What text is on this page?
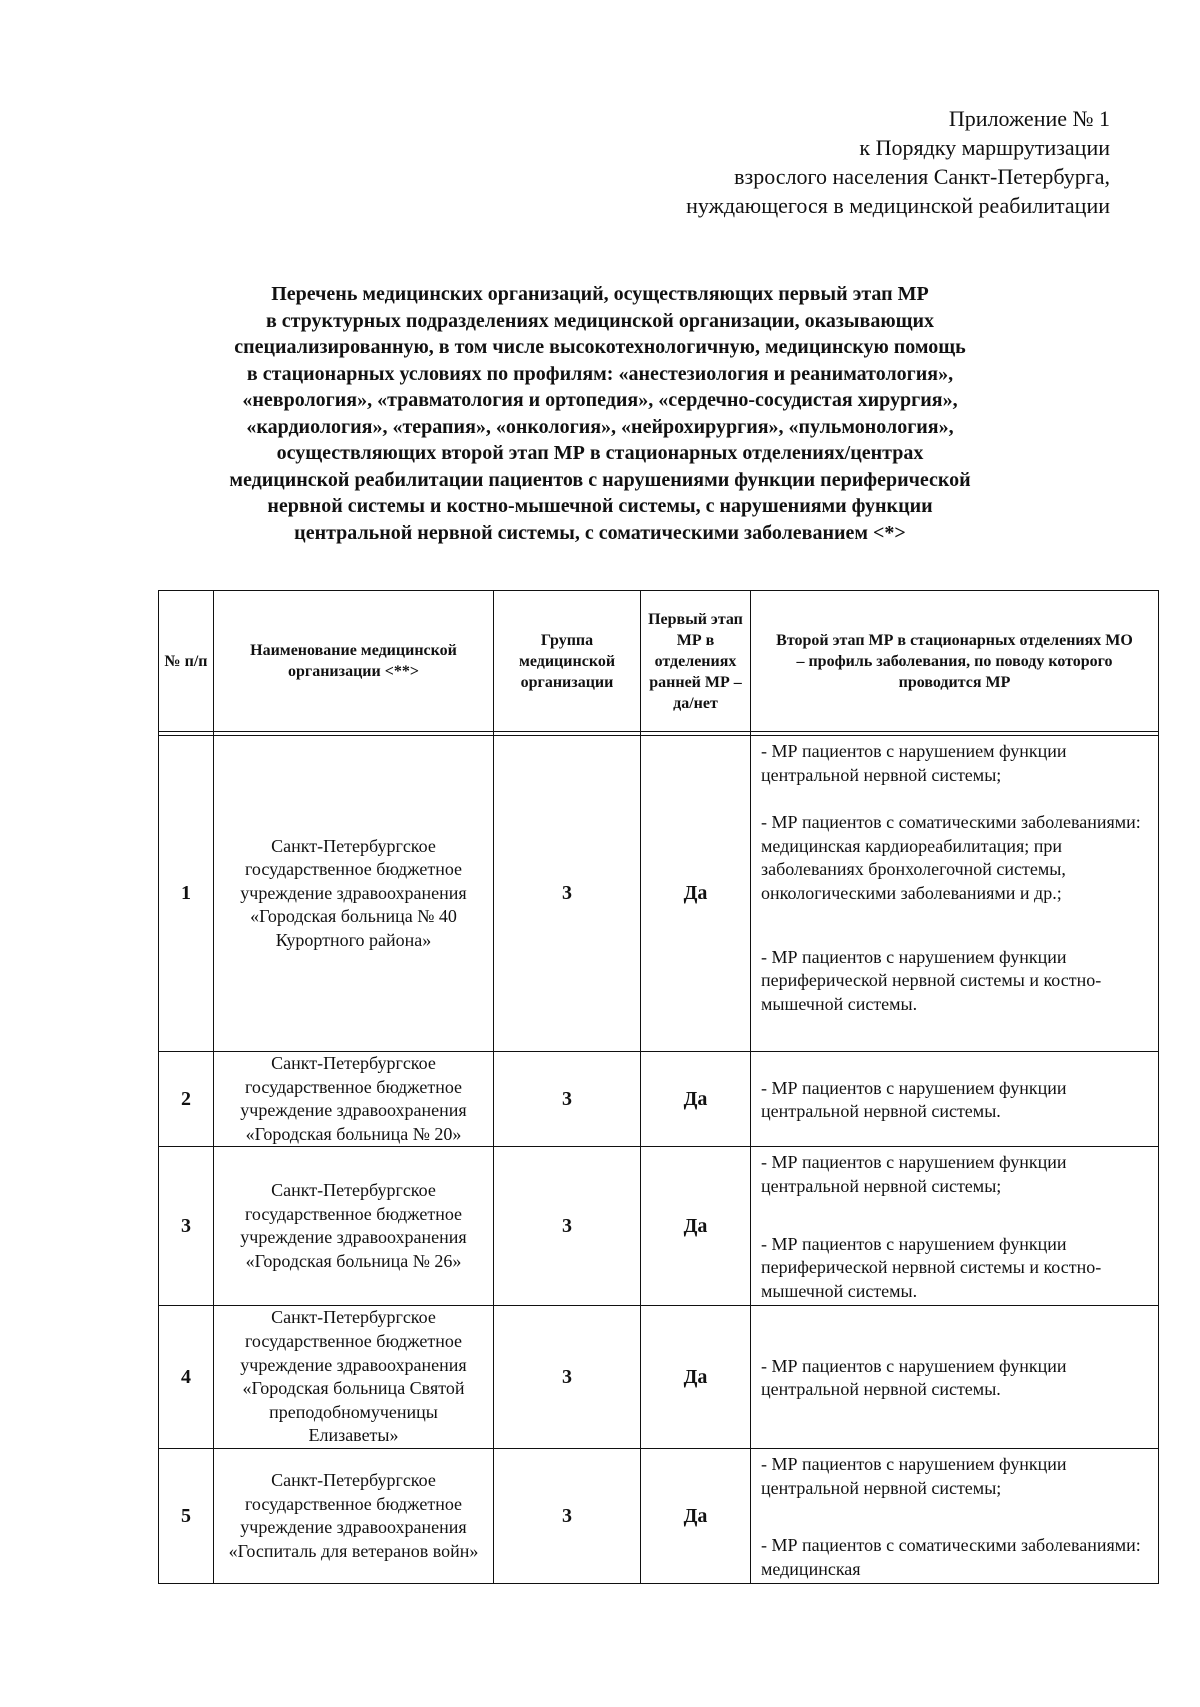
Приложение № 1
к Порядку маршрутизации
взрослого населения Санкт-Петербурга,
нуждающегося в медицинской реабилитации
Перечень медицинских организаций, осуществляющих первый этап МР
в структурных подразделениях медицинской организации, оказывающих
специализированную, в том числе высокотехнологичную, медицинскую помощь
в стационарных условиях по профилям: «анестезиология и реаниматология»,
«неврология», «травматология и ортопедия», «сердечно-сосудистая хирургия»,
«кардиология», «терапия», «онкология», «нейрохирургия», «пульмонология»,
осуществляющих второй этап МР в стационарных отделениях/центрах
медицинской реабилитации пациентов с нарушениями функции периферической
нервной системы и костно-мышечной системы, с нарушениями функции
центральной нервной системы, с соматическими заболеванием <*>
№ п/п	Наименование медицинской организации <**>	Группа медицинской организации	Первый этап МР в отделениях ранней МР – да/нет	Второй этап МР в стационарных отделениях МО – профиль заболевания, по поводу которого проводится МР

1	Санкт-Петербургское государственное бюджетное учреждение здравоохранения «Городская больница № 40 Курортного района»	3	Да	- МР пациентов с нарушением функции центральной нервной системы;
- МР пациентов с соматическими заболеваниями: медицинская кардиореабилитация; при заболеваниях бронхолегочной системы, онкологическими заболеваниями и др.;
- МР пациентов с нарушением функции периферической нервной системы и костно-мышечной системы.

2	Санкт-Петербургское государственное бюджетное учреждение здравоохранения «Городская больница № 20»	3	Да	- МР пациентов с нарушением функции центральной нервной системы.

3	Санкт-Петербургское государственное бюджетное учреждение здравоохранения «Городская больница № 26»	3	Да	- МР пациентов с нарушением функции центральной нервной системы;
- МР пациентов с нарушением функции периферической нервной системы и костно-мышечной системы.

4	Санкт-Петербургское государственное бюджетное учреждение здравоохранения «Городская больница Святой преподобномученицы Елизаветы»	3	Да	- МР пациентов с нарушением функции центральной нервной системы.

5	Санкт-Петербургское государственное бюджетное учреждение здравоохранения «Госпиталь для ветеранов войн»	3	Да	- МР пациентов с нарушением функции центральной нервной системы;
- МР пациентов с соматическими заболеваниями: медицинская
